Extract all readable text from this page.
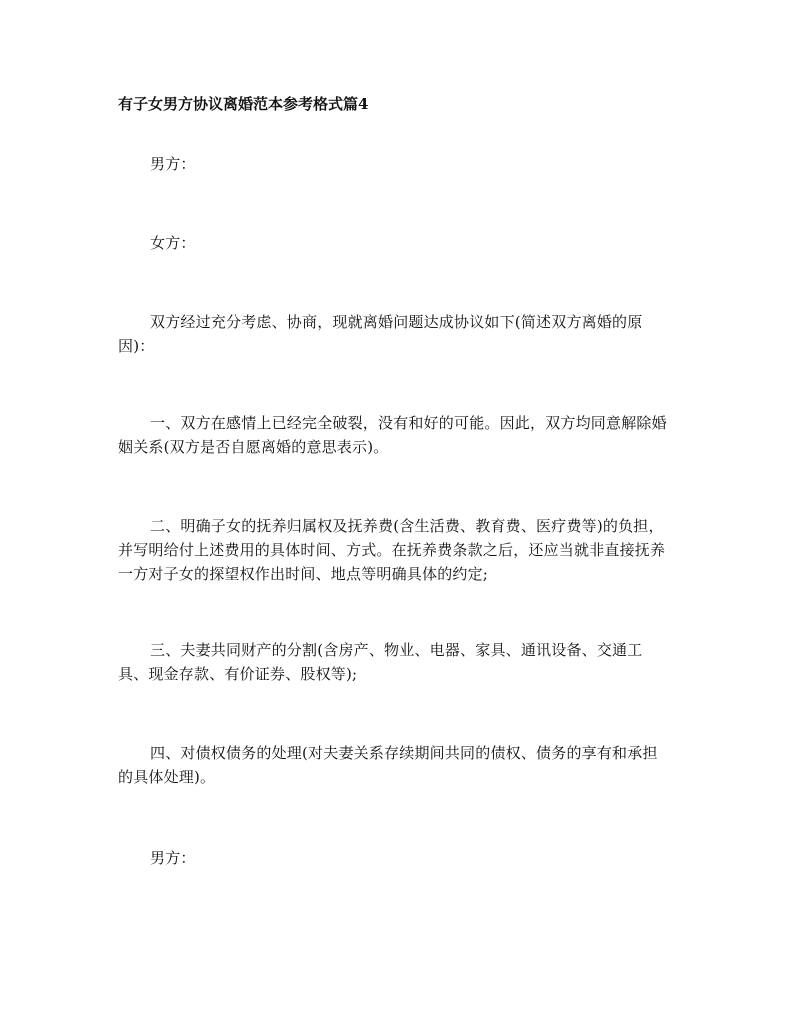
有子女男方协议离婚范本参考格式篇4
男方：
女方：
双方经过充分考虑、协商，现就离婚问题达成协议如下(简述双方离婚的原
因)：
一、双方在感情上已经完全破裂，没有和好的可能。因此，双方均同意解除婚
姻关系(双方是否自愿离婚的意思表示)。
二、明确子女的抚养归属权及抚养费(含生活费、教育费、医疗费等)的负担，
并写明给付上述费用的具体时间、方式。在抚养费条款之后，还应当就非直接抚养
一方对子女的探望权作出时间、地点等明确具体的约定;
三、夫妻共同财产的分割(含房产、物业、电器、家具、通讯设备、交通工
具、现金存款、有价证券、股权等);
四、对债权债务的处理(对夫妻关系存续期间共同的债权、债务的享有和承担
的具体处理)。
男方：
